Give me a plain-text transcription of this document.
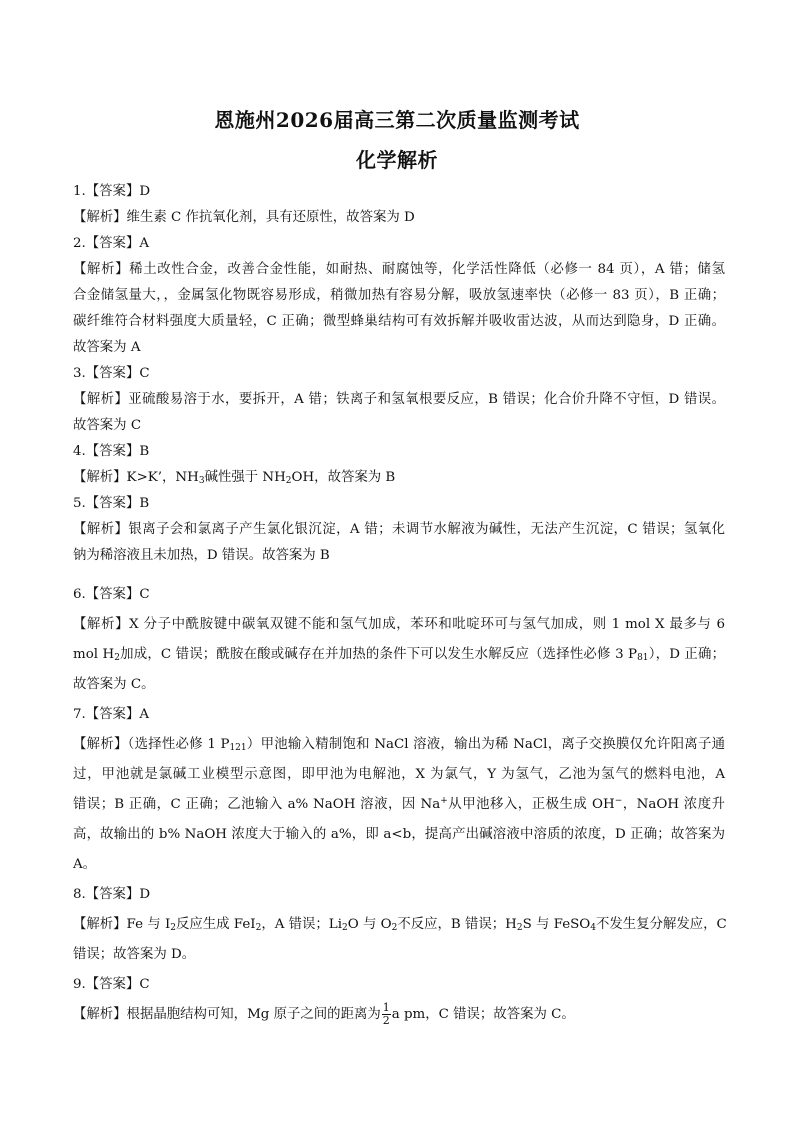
恩施州2026届高三第二次质量监测考试
化学解析
1.【答案】D
【解析】维生素 C 作抗氧化剂，具有还原性，故答案为 D
2.【答案】A
【解析】稀土改性合金，改善合金性能，如耐热、耐腐蚀等，化学活性降低（必修一 84 页），A 错；储氢
合金储氢量大，，金属氢化物既容易形成，稍微加热有容易分解，吸放氢速率快（必修一 83 页），B 正确；
碳纤维符合材料强度大质量轻，C 正确；微型蜂巢结构可有效拆解并吸收雷达波，从而达到隐身，D 正确。
故答案为 A
3.【答案】C
【解析】亚硫酸易溶于水，要拆开，A 错；铁离子和氢氧根要反应，B 错误；化合价升降不守恒，D 错误。
故答案为 C
4.【答案】B
【解析】K>K’，$NH_3$碱性强于 $NH_2OH$，故答案为 B
5.【答案】B
【解析】银离子会和氯离子产生氯化银沉淀，A 错；未调节水解液为碱性，无法产生沉淀，C 错误；氢氧化
钠为稀溶液且未加热，D 错误。故答案为 B
6.【答案】C
【解析】X 分子中酰胺键中碳氧双键不能和氢气加成，苯环和吡啶环可与氢气加成，则 1 mol X 最多与 6
mol $H_2$加成，C 错误；酰胺在酸或碱存在并加热的条件下可以发生水解反应（选择性必修 3 $P_{81}$），D 正确；
故答案为 C。
7.【答案】A
【解析】（选择性必修 1 $P_{121}$）甲池输入精制饱和 NaCl 溶液，输出为稀 NaCl，离子交换膜仅允许阳离子通
过，甲池就是氯碱工业模型示意图，即甲池为电解池，X 为氯气，Y 为氢气，乙池为氢气的燃料电池，A
错误；B 正确，C 正确；乙池输入 a% NaOH 溶液，因 Na+从甲池移入，正极生成 OH−，NaOH 浓度升
高，故输出的 b% NaOH 浓度大于输入的 a%，即 a<b，提高产出碱溶液中溶质的浓度，D 正确；故答案为
A。
8.【答案】D
【解析】Fe 与 $I_2$反应生成 FeI$_2$，A 错误；$Li_2O$ 与 $O_2$不反应，B 错误；$H_2S$ 与 FeSO$_4$不发生复分解发应，C
错误；故答案为 D。
9.【答案】C
【解析】根据晶胞结构可知，Mg 原子之间的距离为 $\frac{1}{2}$ a pm，C 错误；故答案为 C。
